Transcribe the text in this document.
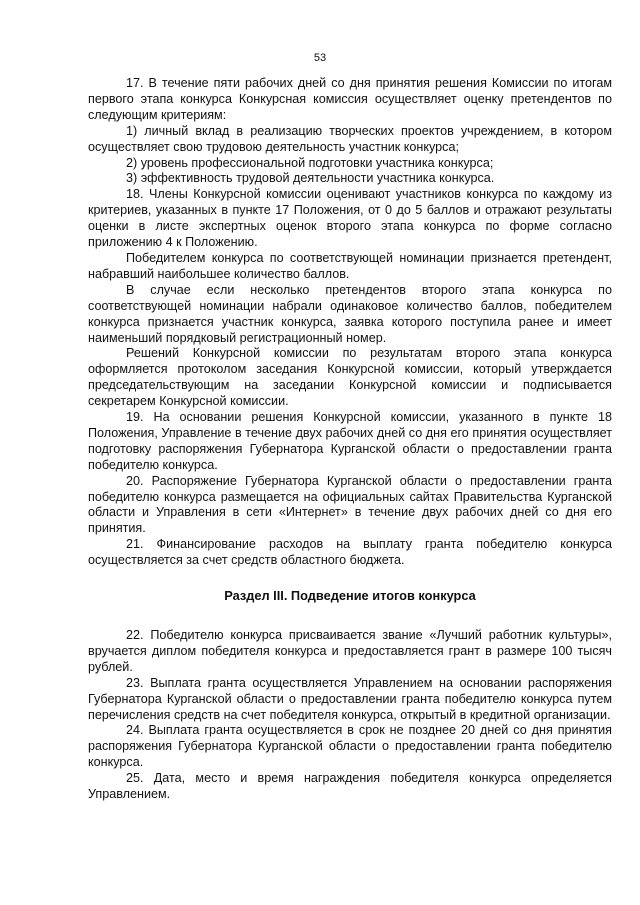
53

17. В течение пяти рабочих дней со дня принятия решения Комиссии по итогам первого этапа конкурса Конкурсная комиссия осуществляет оценку претендентов по следующим критериям:

1) личный вклад в реализацию творческих проектов учреждением, в котором осуществляет свою трудовою деятельность участник конкурса;

2) уровень профессиональной подготовки участника конкурса;

3) эффективность трудовой деятельности участника конкурса.

18. Члены Конкурсной комиссии оценивают участников конкурса по каждому из критериев, указанных в пункте 17 Положения, от 0 до 5 баллов и отражают результаты оценки в листе экспертных оценок второго этапа конкурса по форме согласно приложению 4 к Положению.

Победителем конкурса по соответствующей номинации признается претендент, набравший наибольшее количество баллов.

В случае если несколько претендентов второго этапа конкурса по соответствующей номинации набрали одинаковое количество баллов, победителем конкурса признается участник конкурса, заявка которого поступила ранее и имеет наименьший порядковый регистрационный номер.

Решений Конкурсной комиссии по результатам второго этапа конкурса оформляется протоколом заседания Конкурсной комиссии, который утверждается председательствующим на заседании Конкурсной комиссии и подписывается секретарем Конкурсной комиссии.

19. На основании решения Конкурсной комиссии, указанного в пункте 18 Положения, Управление в течение двух рабочих дней со дня его принятия осуществляет подготовку распоряжения Губернатора Курганской области о предоставлении гранта победителю конкурса.

20. Распоряжение Губернатора Курганской области о предоставлении гранта победителю конкурса размещается на официальных сайтах Правительства Курганской области и Управления в сети «Интернет» в течение двух рабочих дней со дня его принятия.

21. Финансирование расходов на выплату гранта победителю конкурса осуществляется за счет средств областного бюджета.

Раздел III. Подведение итогов конкурса

22. Победителю конкурса присваивается звание «Лучший работник культуры», вручается диплом победителя конкурса и предоставляется грант в размере 100 тысяч рублей.

23. Выплата гранта осуществляется Управлением на основании распоряжения Губернатора Курганской области о предоставлении гранта победителю конкурса путем перечисления средств на счет победителя конкурса, открытый в кредитной организации.

24. Выплата гранта осуществляется в срок не позднее 20 дней со дня принятия распоряжения Губернатора Курганской области о предоставлении гранта победителю конкурса.

25. Дата, место и время награждения победителя конкурса определяется Управлением.
